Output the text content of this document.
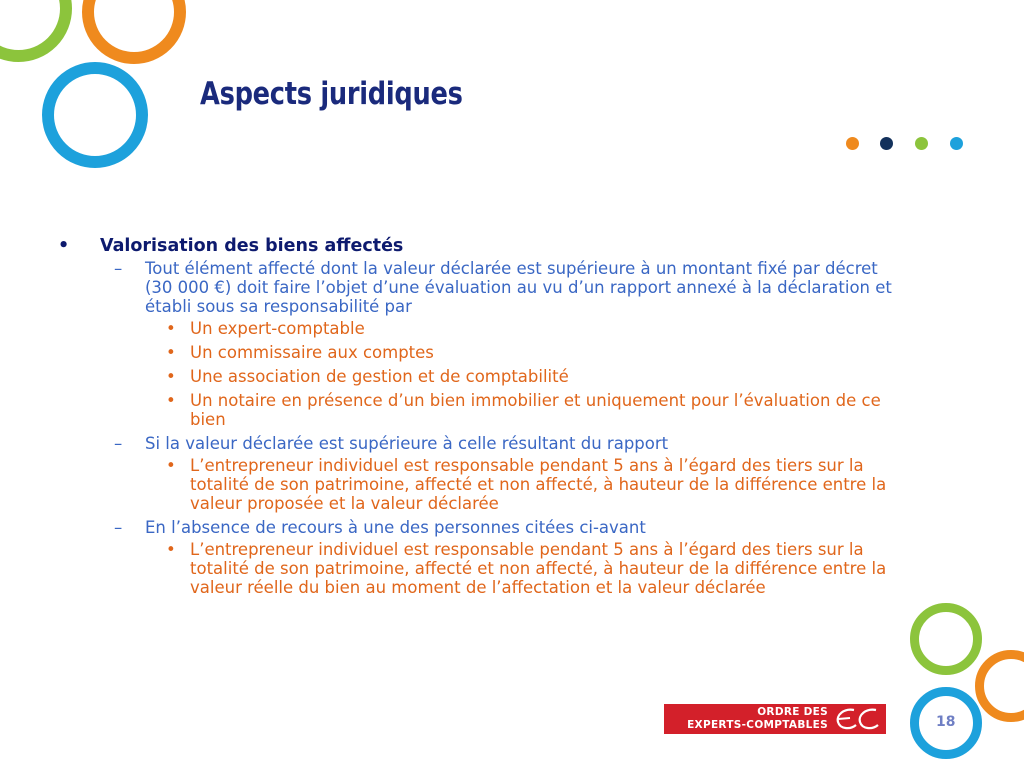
Aspects juridiques
• Valorisation des biens affectés
– Tout élément affecté dont la valeur déclarée est supérieure à un montant fixé par décret (30 000 €) doit faire l’objet d’une évaluation au vu d’un rapport annexé à la déclaration et établi sous sa responsabilité par
• Un expert-comptable
• Un commissaire aux comptes
• Une association de gestion et de comptabilité
• Un notaire en présence d’un bien immobilier et uniquement pour l’évaluation de ce bien
– Si la valeur déclarée est supérieure à celle résultant du rapport
• L’entrepreneur individuel est responsable pendant 5 ans à l’égard des tiers sur la totalité de son patrimoine, affecté et non affecté, à hauteur de la différence entre la valeur proposée et la valeur déclarée
– En l’absence de recours à une des personnes citées ci-avant
• L’entrepreneur individuel est responsable pendant 5 ans à l’égard des tiers sur la totalité de son patrimoine, affecté et non affecté, à hauteur de la différence entre la valeur réelle du bien au moment de l’affectation et la valeur déclarée
ORDRE DES
EXPERTS-COMPTABLES	18
